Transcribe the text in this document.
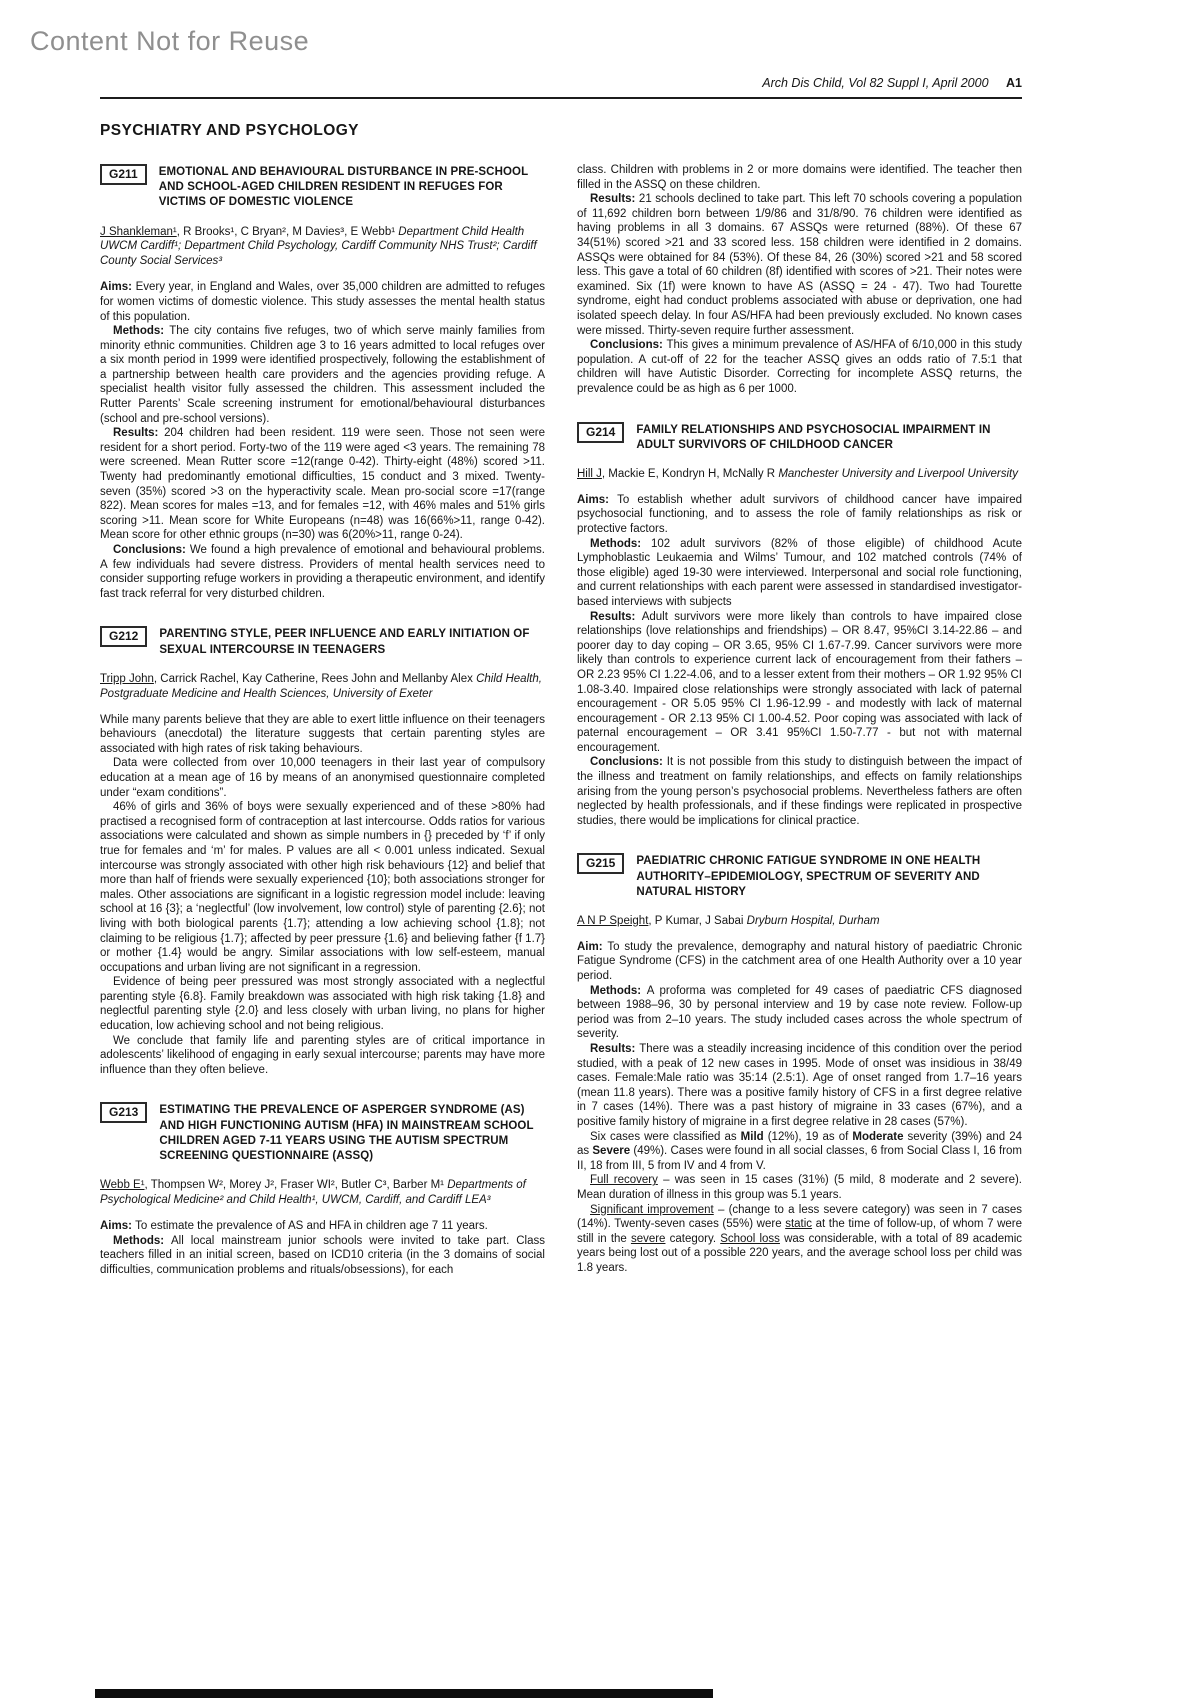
Content Not for Reuse
Arch Dis Child, Vol 82 Suppl I, April 2000 A1
PSYCHIATRY AND PSYCHOLOGY
G211	EMOTIONAL AND BEHAVIOURAL DISTURBANCE IN PRE-SCHOOL AND SCHOOL-AGED CHILDREN RESIDENT IN REFUGES FOR VICTIMS OF DOMESTIC VIOLENCE

J Shankleman¹, R Brooks¹, C Bryan², M Davies³, E Webb¹ Department Child Health UWCM Cardiff¹; Department Child Psychology, Cardiff Community NHS Trust²; Cardiff County Social Services³

Aims: Every year, in England and Wales, over 35,000 children are admitted to refuges for women victims of domestic violence. This study assesses the mental health status of this population.

Methods: The city contains five refuges, two of which serve mainly families from minority ethnic communities. Children age 3 to 16 years admitted to local refuges over a six month period in 1999 were identified prospectively, following the establishment of a partnership between health care providers and the agencies providing refuge. A specialist health visitor fully assessed the children. This assessment included the Rutter Parents’ Scale screening instrument for emotional/behavioural disturbances (school and pre-school versions).

Results: 204 children had been resident. 119 were seen. Those not seen were resident for a short period. Forty-two of the 119 were aged <3 years. The remaining 78 were screened. Mean Rutter score =12(range 0-42). Thirty-eight (48%) scored >11. Twenty had predominantly emotional difficulties, 15 conduct and 3 mixed. Twenty-seven (35%) scored >3 on the hyperactivity scale. Mean pro-social score =17(range 822). Mean scores for males =13, and for females =12, with 46% males and 51% girls scoring >11. Mean score for White Europeans (n=48) was 16(66%>11, range 0-42). Mean score for other ethnic groups (n=30) was 6(20%>11, range 0-24).

Conclusions: We found a high prevalence of emotional and behavioural problems. A few individuals had severe distress. Providers of mental health services need to consider supporting refuge workers in providing a therapeutic environment, and identify fast track referral for very disturbed children.

G212	PARENTING STYLE, PEER INFLUENCE AND EARLY INITIATION OF SEXUAL INTERCOURSE IN TEENAGERS

Tripp John, Carrick Rachel, Kay Catherine, Rees John and Mellanby Alex Child Health, Postgraduate Medicine and Health Sciences, University of Exeter

While many parents believe that they are able to exert little influence on their teenagers behaviours (anecdotal) the literature suggests that certain parenting styles are associated with high rates of risk taking behaviours.

Data were collected from over 10,000 teenagers in their last year of compulsory education at a mean age of 16 by means of an anonymised questionnaire completed under “exam conditions”.

46% of girls and 36% of boys were sexually experienced and of these >80% had practised a recognised form of contraception at last intercourse. Odds ratios for various associations were calculated and shown as simple numbers in {} preceded by ‘f’ if only true for females and ‘m’ for males. P values are all < 0.001 unless indicated. Sexual intercourse was strongly associated with other high risk behaviours {12} and belief that more than half of friends were sexually experienced {10}; both associations stronger for males. Other associations are significant in a logistic regression model include: leaving school at 16 {3}; a ‘neglectful’ (low involvement, low control) style of parenting {2.6}; not living with both biological parents {1.7}; attending a low achieving school {1.8}; not claiming to be religious {1.7}; affected by peer pressure {1.6} and believing father {f 1.7} or mother {1.4} would be angry. Similar associations with low self-esteem, manual occupations and urban living are not significant in a regression.

Evidence of being peer pressured was most strongly associated with a neglectful parenting style {6.8}. Family breakdown was associated with high risk taking {1.8} and neglectful parenting style {2.0} and less closely with urban living, no plans for higher education, low achieving school and not being religious.

We conclude that family life and parenting styles are of critical importance in adolescents’ likelihood of engaging in early sexual intercourse; parents may have more influence than they often believe.

G213	ESTIMATING THE PREVALENCE OF ASPERGER SYNDROME (AS) AND HIGH FUNCTIONING AUTISM (HFA) IN MAINSTREAM SCHOOL CHILDREN AGED 7-11 YEARS USING THE AUTISM SPECTRUM SCREENING QUESTIONNAIRE (ASSQ)

Webb E¹, Thompsen W², Morey J², Fraser WI², Butler C³, Barber M¹ Departments of Psychological Medicine² and Child Health¹, UWCM, Cardiff, and Cardiff LEA³

Aims: To estimate the prevalence of AS and HFA in children age 7 11 years.

Methods: All local mainstream junior schools were invited to take part. Class teachers filled in an initial screen, based on ICD10 criteria (in the 3 domains of social difficulties, communication problems and rituals/obsessions), for each

class. Children with problems in 2 or more domains were identified. The teacher then filled in the ASSQ on these children.

Results: 21 schools declined to take part. This left 70 schools covering a population of 11,692 children born between 1/9/86 and 31/8/90. 76 children were identified as having problems in all 3 domains. 67 ASSQs were returned (88%). Of these 67 34(51%) scored >21 and 33 scored less. 158 children were identified in 2 domains. ASSQs were obtained for 84 (53%). Of these 84, 26 (30%) scored >21 and 58 scored less. This gave a total of 60 children (8f) identified with scores of >21. Their notes were examined. Six (1f) were known to have AS (ASSQ = 24 - 47). Two had Tourette syndrome, eight had conduct problems associated with abuse or deprivation, one had isolated speech delay. In four AS/HFA had been previously excluded. No known cases were missed. Thirty-seven require further assessment.

Conclusions: This gives a minimum prevalence of AS/HFA of 6/10,000 in this study population. A cut-off of 22 for the teacher ASSQ gives an odds ratio of 7.5:1 that children will have Autistic Disorder. Correcting for incomplete ASSQ returns, the prevalence could be as high as 6 per 1000.

G214	FAMILY RELATIONSHIPS AND PSYCHOSOCIAL IMPAIRMENT IN ADULT SURVIVORS OF CHILDHOOD CANCER

Hill J, Mackie E, Kondryn H, McNally R Manchester University and Liverpool University

Aims: To establish whether adult survivors of childhood cancer have impaired psychosocial functioning, and to assess the role of family relationships as risk or protective factors.

Methods: 102 adult survivors (82% of those eligible) of childhood Acute Lymphoblastic Leukaemia and Wilms’ Tumour, and 102 matched controls (74% of those eligible) aged 19-30 were interviewed. Interpersonal and social role functioning, and current relationships with each parent were assessed in standardised investigator-based interviews with subjects

Results: Adult survivors were more likely than controls to have impaired close relationships (love relationships and friendships) – OR 8.47, 95%CI 3.14-22.86 – and poorer day to day coping – OR 3.65, 95% CI 1.67-7.99. Cancer survivors were more likely than controls to experience current lack of encouragement from their fathers – OR 2.23 95% CI 1.22-4.06, and to a lesser extent from their mothers – OR 1.92 95% CI 1.08-3.40. Impaired close relationships were strongly associated with lack of paternal encouragement - OR 5.05 95% CI 1.96-12.99 - and modestly with lack of maternal encouragement - OR 2.13 95% CI 1.00-4.52. Poor coping was associated with lack of paternal encouragement – OR 3.41 95%CI 1.50-7.77 - but not with maternal encouragement.

Conclusions: It is not possible from this study to distinguish between the impact of the illness and treatment on family relationships, and effects on family relationships arising from the young person’s psychosocial problems. Nevertheless fathers are often neglected by health professionals, and if these findings were replicated in prospective studies, there would be implications for clinical practice.

G215	PAEDIATRIC CHRONIC FATIGUE SYNDROME IN ONE HEALTH AUTHORITY–EPIDEMIOLOGY, SPECTRUM OF SEVERITY AND NATURAL HISTORY

A N P Speight, P Kumar, J Sabai Dryburn Hospital, Durham

Aim: To study the prevalence, demography and natural history of paediatric Chronic Fatigue Syndrome (CFS) in the catchment area of one Health Authority over a 10 year period.

Methods: A proforma was completed for 49 cases of paediatric CFS diagnosed between 1988–96, 30 by personal interview and 19 by case note review. Follow-up period was from 2–10 years. The study included cases across the whole spectrum of severity.

Results: There was a steadily increasing incidence of this condition over the period studied, with a peak of 12 new cases in 1995. Mode of onset was insidious in 38/49 cases. Female:Male ratio was 35:14 (2.5:1). Age of onset ranged from 1.7–16 years (mean 11.8 years). There was a positive family history of CFS in a first degree relative in 7 cases (14%). There was a past history of migraine in 33 cases (67%), and a positive family history of migraine in a first degree relative in 28 cases (57%).

Six cases were classified as Mild (12%), 19 as of Moderate severity (39%) and 24 as Severe (49%). Cases were found in all social classes, 6 from Social Class I, 16 from II, 18 from III, 5 from IV and 4 from V.

Full recovery – was seen in 15 cases (31%) (5 mild, 8 moderate and 2 severe). Mean duration of illness in this group was 5.1 years.

Significant improvement – (change to a less severe category) was seen in 7 cases (14%). Twenty-seven cases (55%) were static at the time of follow-up, of whom 7 were still in the severe category. School loss was considerable, with a total of 89 academic years being lost out of a possible 220 years, and the average school loss per child was 1.8 years.
